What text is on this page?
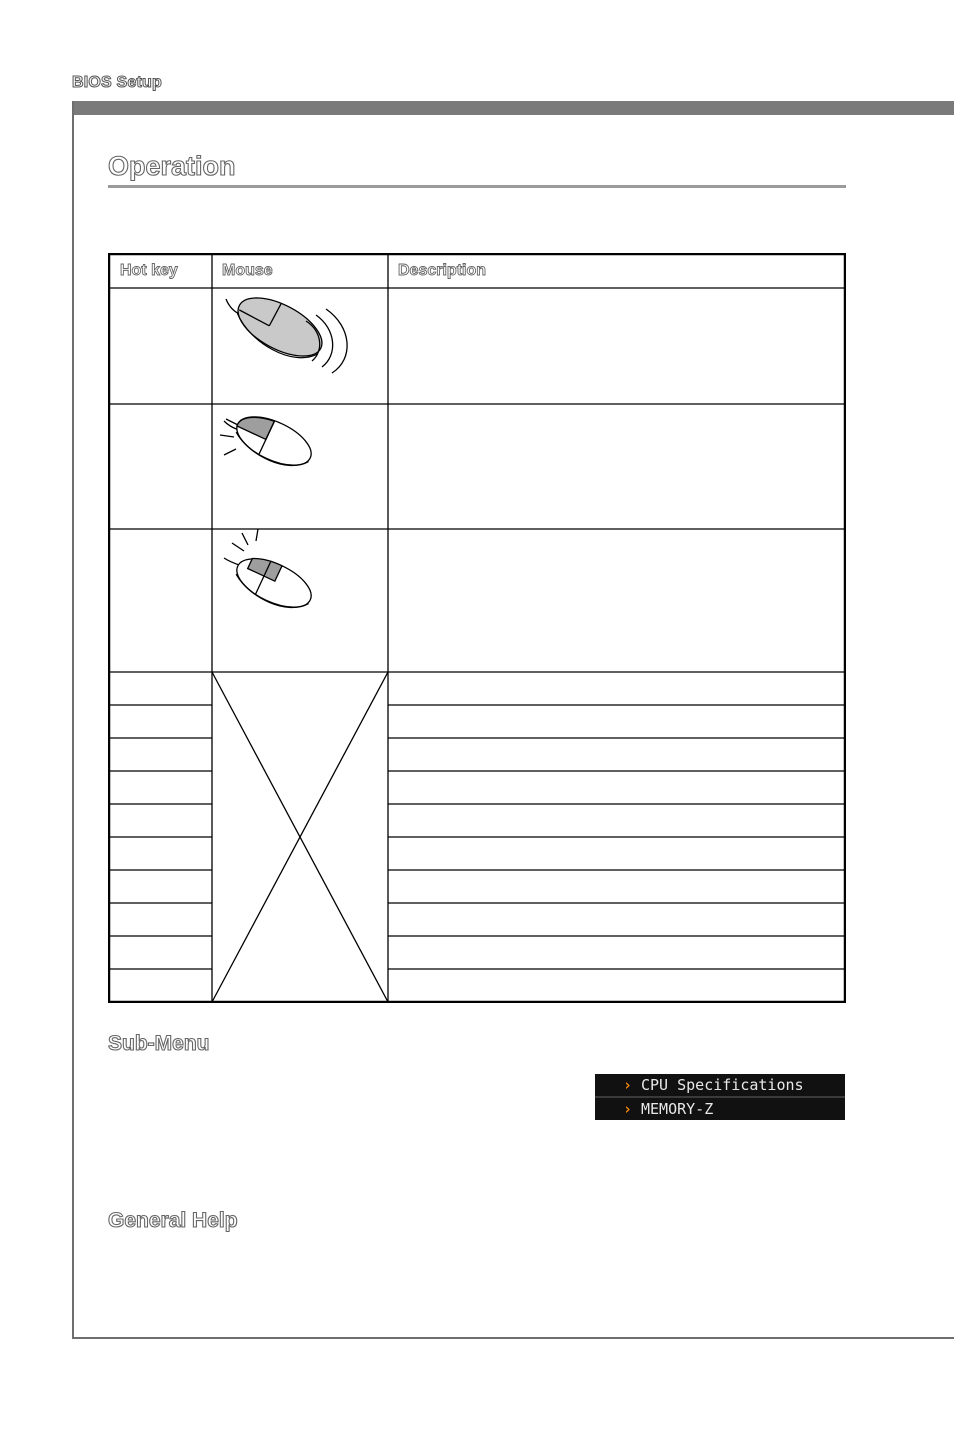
BIOS Setup
Operation
Hot key	Mouse	Description
Sub-Menu
› CPU Specifications
› MEMORY-Z
General Help
